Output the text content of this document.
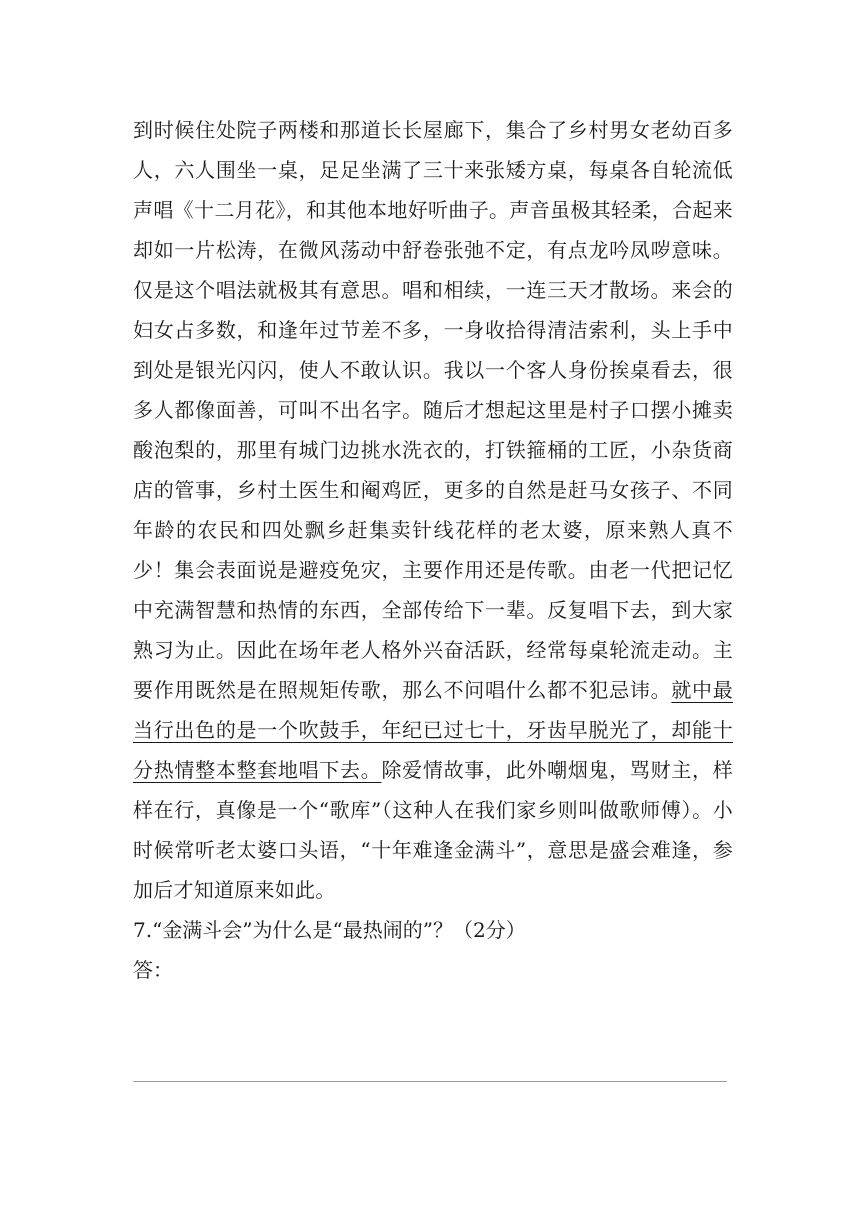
到时候住处院子两楼和那道长长屋廊下，集合了乡村男女老幼百多人，六人围坐一桌，足足坐满了三十来张矮方桌，每桌各自轮流低声唱《十二月花》，和其他本地好听曲子。声音虽极其轻柔，合起来却如一片松涛，在微风荡动中舒卷张弛不定，有点龙吟凤哕意味。仅是这个唱法就极其有意思。唱和相续，一连三天才散场。来会的妇女占多数，和逢年过节差不多，一身收拾得清洁索利，头上手中到处是银光闪闪，使人不敢认识。我以一个客人身份挨桌看去，很多人都像面善，可叫不出名字。随后才想起这里是村子口摆小摊卖酸泡梨的，那里有城门边挑水洗衣的，打铁箍桶的工匠，小杂货商店的管事，乡村土医生和阉鸡匠，更多的自然是赶马女孩子、不同年龄的农民和四处飘乡赶集卖针线花样的老太婆，原来熟人真不少！集会表面说是避疫免灾，主要作用还是传歌。由老一代把记忆中充满智慧和热情的东西，全部传给下一辈。反复唱下去，到大家熟习为止。因此在场年老人格外兴奋活跃，经常每桌轮流走动。主要作用既然是在照规矩传歌，那么不问唱什么都不犯忌讳。就中最当行出色的是一个吹鼓手，年纪已过七十，牙齿早脱光了，却能十分热情整本整套地唱下去。除爱情故事，此外嘲烟鬼，骂财主，样样在行，真像是一个“歌库”（这种人在我们家乡则叫做歌师傅）。小时候常听老太婆口头语，“十年难逢金满斗”，意思是盛会难逢，参加后才知道原来如此。

7.“金满斗会”为什么是“最热闹的”？（2分）

答：
